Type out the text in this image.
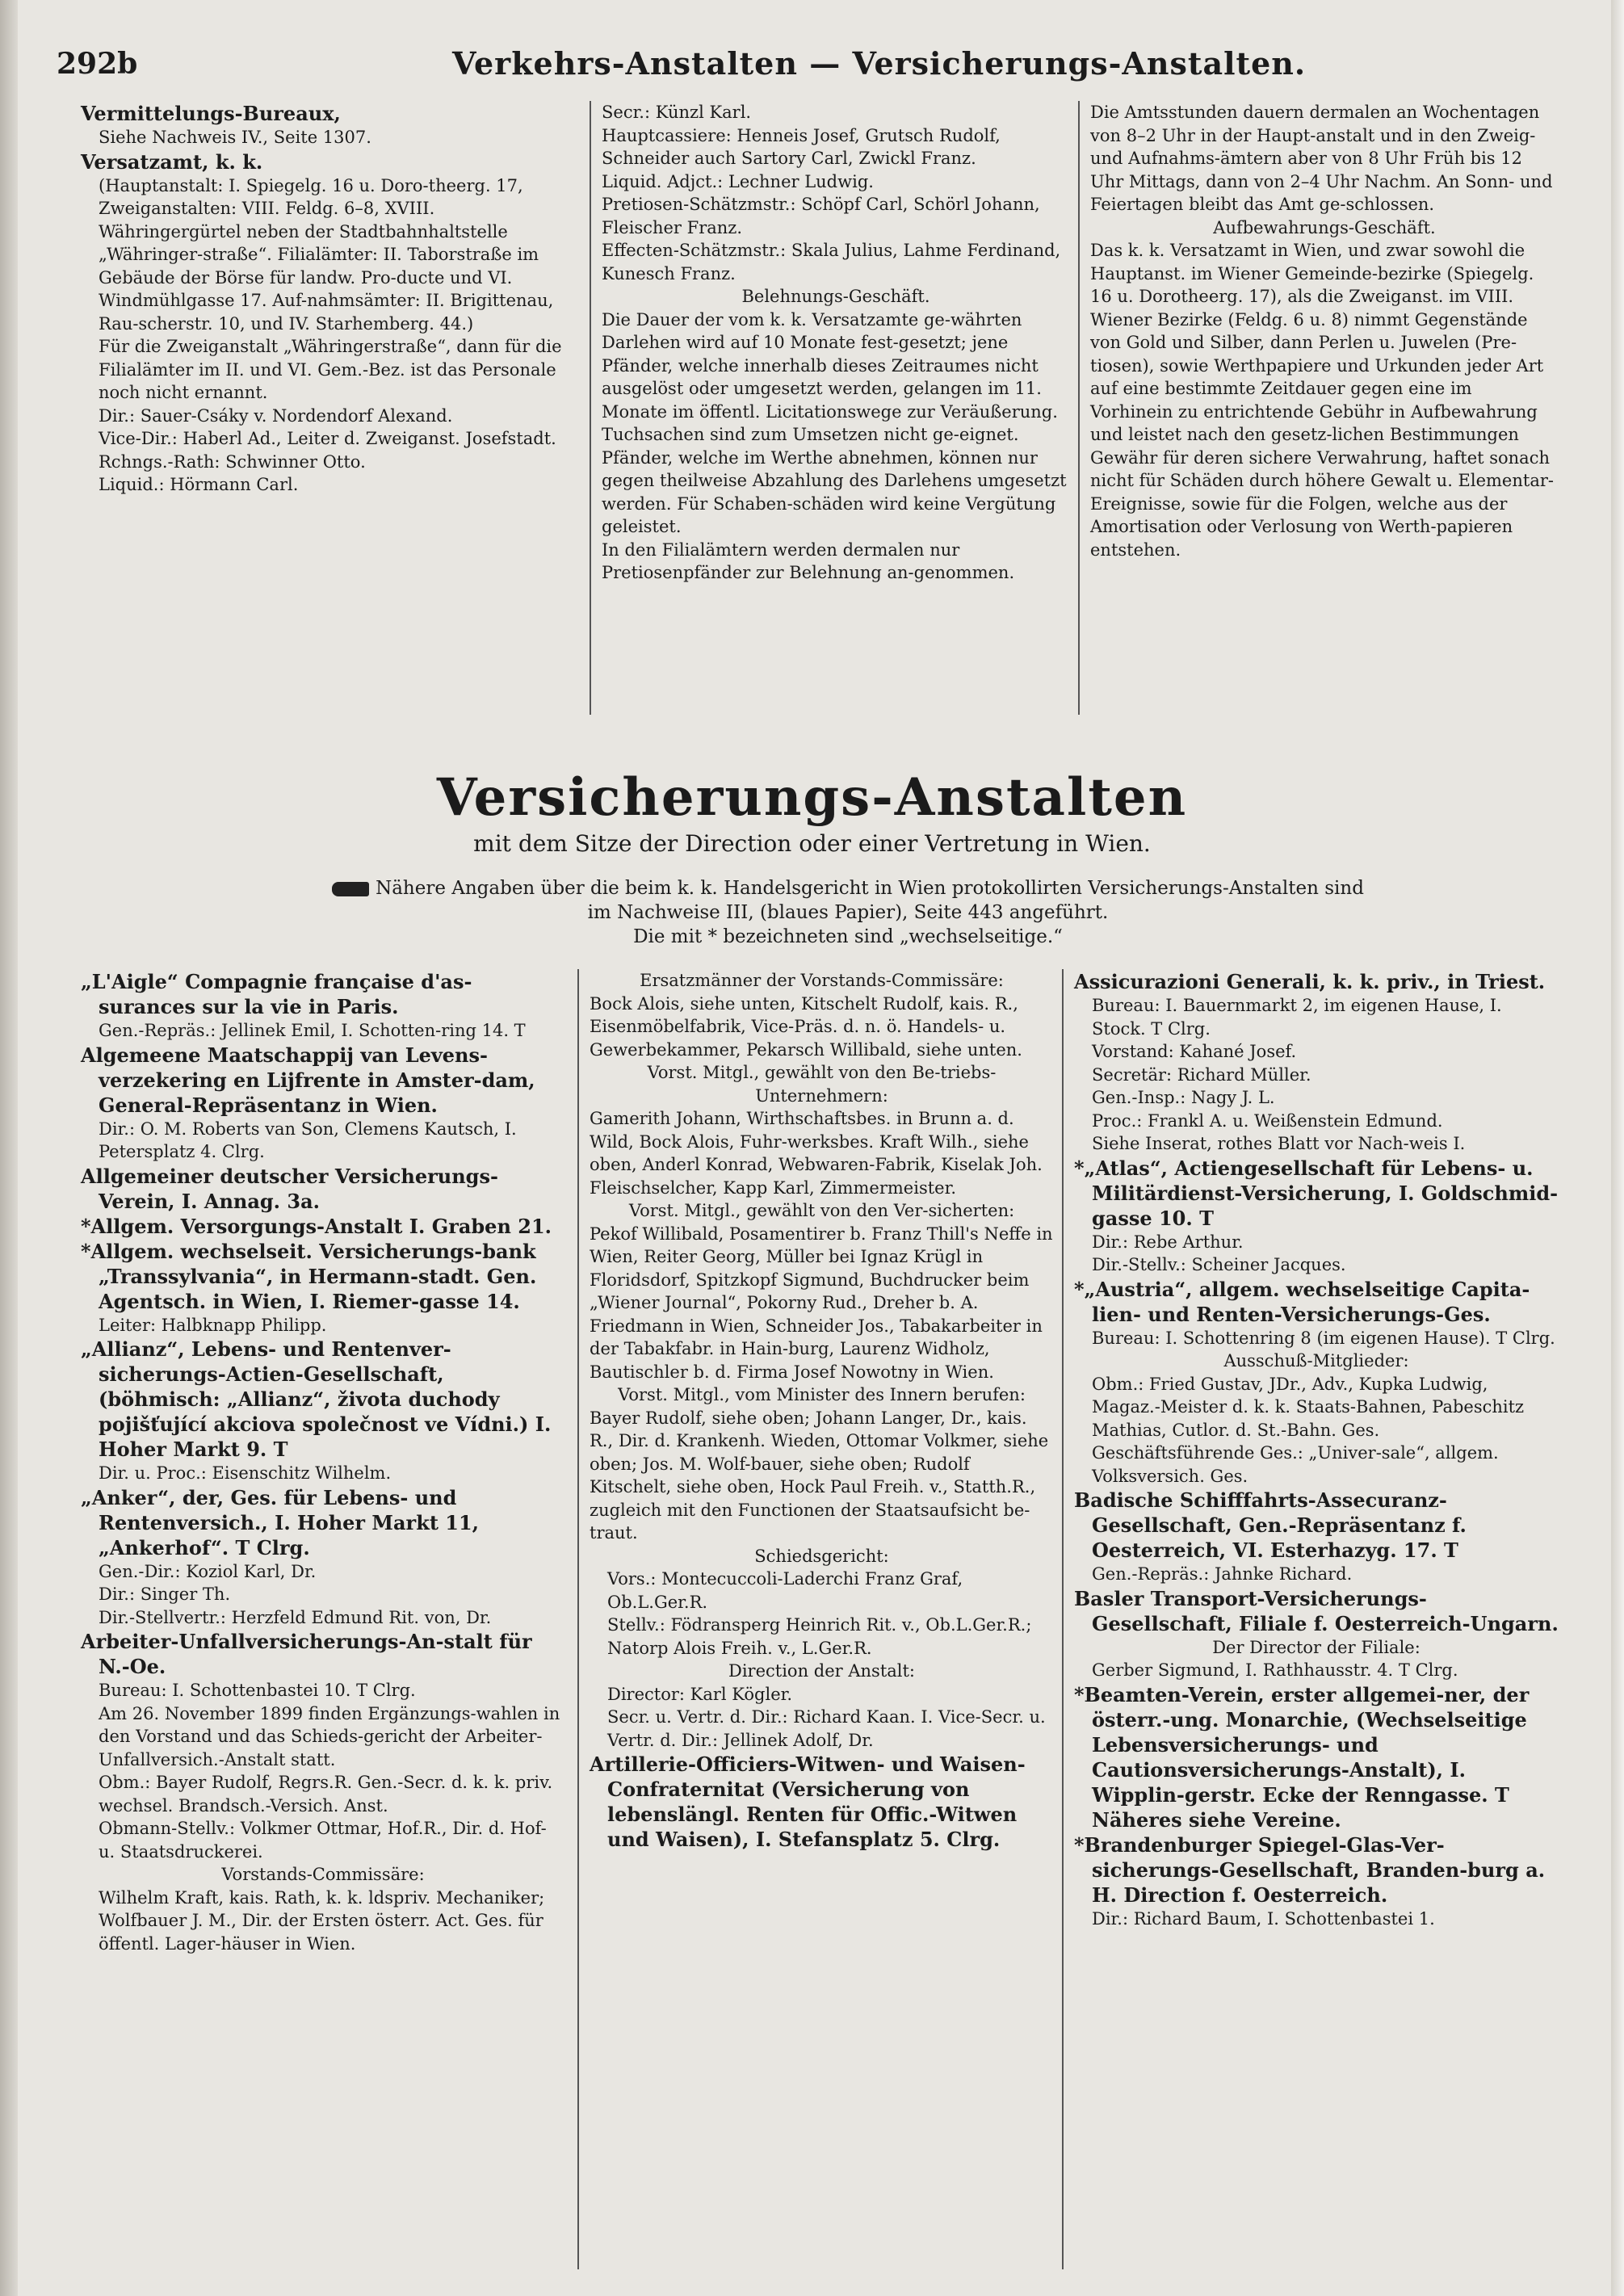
292b	Verkehrs-Anstalten — Versicherungs-Anstalten.

Vermittelungs-Bureaux,

Siehe Nachweis IV., Seite 1307.

Versatzamt, k. k.

(Hauptanstalt: I. Spiegelg. 16 u. Doro-theerg. 17, Zweiganstalten: VIII. Feldg. 6–8, XVIII. Währingergürtel neben der Stadtbahnhaltstelle „Währinger-straße“. Filialämter: II. Taborstraße im Gebäude der Börse für landw. Pro-ducte und VI. Windmühlgasse 17. Auf-nahmsämter: II. Brigittenau, Rau-scherstr. 10, und IV. Starhemberg. 44.)

Für die Zweiganstalt „Währingerstraße“, dann für die Filialämter im II. und VI. Gem.-Bez. ist das Personale noch nicht ernannt.

Dir.: Sauer-Csáky v. Nordendorf Alexand.

Vice-Dir.: Haberl Ad., Leiter d. Zweiganst. Josefstadt.

Rchngs.-Rath: Schwinner Otto.

Liquid.: Hörmann Carl.

Secr.: Künzl Karl.

Hauptcassiere: Henneis Josef, Grutsch Rudolf, Schneider auch Sartory Carl, Zwickl Franz.

Liquid. Adjct.: Lechner Ludwig.

Pretiosen-Schätzmstr.: Schöpf Carl, Schörl Johann, Fleischer Franz.

Effecten-Schätzmstr.: Skala Julius, Lahme Ferdinand, Kunesch Franz.

Belehnungs-Geschäft.

Die Dauer der vom k. k. Versatzamte ge-währten Darlehen wird auf 10 Monate fest-gesetzt; jene Pfänder, welche innerhalb dieses Zeitraumes nicht ausgelöst oder umgesetzt werden, gelangen im 11. Monate im öffentl. Licitationswege zur Veräußerung.

Tuchsachen sind zum Umsetzen nicht ge-eignet. Pfänder, welche im Werthe abnehmen, können nur gegen theilweise Abzahlung des Darlehens umgesetzt werden. Für Schaben-schäden wird keine Vergütung geleistet.

In den Filialämtern werden dermalen nur Pretiosenpfänder zur Belehnung an-genommen.

Die Amtsstunden dauern dermalen an Wochentagen von 8–2 Uhr in der Haupt-anstalt und in den Zweig- und Aufnahms-ämtern aber von 8 Uhr Früh bis 12 Uhr Mittags, dann von 2–4 Uhr Nachm. An Sonn- und Feiertagen bleibt das Amt ge-schlossen.

Aufbewahrungs-Geschäft.

Das k. k. Versatzamt in Wien, und zwar sowohl die Hauptanst. im Wiener Gemeinde-bezirke (Spiegelg. 16 u. Dorotheerg. 17), als die Zweiganst. im VIII. Wiener Bezirke (Feldg. 6 u. 8) nimmt Gegenstände von Gold und Silber, dann Perlen u. Juwelen (Pre-tiosen), sowie Werthpapiere und Urkunden jeder Art auf eine bestimmte Zeitdauer gegen eine im Vorhinein zu entrichtende Gebühr in Aufbewahrung und leistet nach den gesetz-lichen Bestimmungen Gewähr für deren sichere Verwahrung, haftet sonach nicht für Schäden durch höhere Gewalt u. Elementar-Ereignisse, sowie für die Folgen, welche aus der Amortisation oder Verlosung von Werth-papieren entstehen.

Versicherungs-Anstalten
mit dem Sitze der Direction oder einer Vertretung in Wien.
Nähere Angaben über die beim k. k. Handelsgericht in Wien protokollirten Versicherungs-Anstalten sind
im Nachweise III, (blaues Papier), Seite 443 angeführt.
Die mit * bezeichneten sind „wechselseitige.“

„L'Aigle“ Compagnie française d'as-surances sur la vie in Paris.

Gen.-Repräs.: Jellinek Emil, I. Schotten-ring 14. T

Algemeene Maatschappij van Levens-verzekering en Lijfrente in Amster-dam, General-Repräsentanz in Wien.

Dir.: O. M. Roberts van Son, Clemens Kautsch, I. Petersplatz 4. Clrg.

Allgemeiner deutscher Versicherungs-Verein, I. Annag. 3a.

*Allgem. Versorgungs-Anstalt I. Graben 21.

*Allgem. wechselseit. Versicherungs-bank „Transsylvania“, in Hermann-stadt. Gen. Agentsch. in Wien, I. Riemer-gasse 14.

Leiter: Halbknapp Philipp.

„Allianz“, Lebens- und Rentenver-sicherungs-Actien-Gesellschaft, (böhmisch: „Allianz“, života duchody pojišťující akciova společnost ve Vídni.) I. Hoher Markt 9. T

Dir. u. Proc.: Eisenschitz Wilhelm.

„Anker“, der, Ges. für Lebens- und Rentenversich., I. Hoher Markt 11, „Ankerhof“. T Clrg.

Gen.-Dir.: Koziol Karl, Dr.

Dir.: Singer Th.

Dir.-Stellvertr.: Herzfeld Edmund Rit. von, Dr.

Arbeiter-Unfallversicherungs-An-stalt für N.-Oe.

Bureau: I. Schottenbastei 10. T Clrg.

Am 26. November 1899 finden Ergänzungs-wahlen in den Vorstand und das Schieds-gericht der Arbeiter-Unfallversich.-Anstalt statt.

Obm.: Bayer Rudolf, Regrs.R. Gen.-Secr. d. k. k. priv. wechsel. Brandsch.-Versich. Anst.

Obmann-Stellv.: Volkmer Ottmar, Hof.R., Dir. d. Hof- u. Staatsdruckerei.

Vorstands-Commissäre:

Wilhelm Kraft, kais. Rath, k. k. ldspriv. Mechaniker; Wolfbauer J. M., Dir. der Ersten österr. Act. Ges. für öffentl. Lager-häuser in Wien.

Ersatzmänner der Vorstands-Commissäre:

Bock Alois, siehe unten, Kitschelt Rudolf, kais. R., Eisenmöbelfabrik, Vice-Präs. d. n. ö. Handels- u. Gewerbekammer, Pekarsch Willibald, siehe unten.

Vorst. Mitgl., gewählt von den Be-triebs-Unternehmern:

Gamerith Johann, Wirthschaftsbes. in Brunn a. d. Wild, Bock Alois, Fuhr-werksbes. Kraft Wilh., siehe oben, Anderl Konrad, Webwaren-Fabrik, Kiselak Joh. Fleischselcher, Kapp Karl, Zimmermeister.

Vorst. Mitgl., gewählt von den Ver-sicherten:

Pekof Willibald, Posamentirer b. Franz Thill's Neffe in Wien, Reiter Georg, Müller bei Ignaz Krügl in Floridsdorf, Spitzkopf Sigmund, Buchdrucker beim „Wiener Journal“, Pokorny Rud., Dreher b. A. Friedmann in Wien, Schneider Jos., Tabakarbeiter in der Tabakfabr. in Hain-burg, Laurenz Widholz, Bautischler b. d. Firma Josef Nowotny in Wien.

Vorst. Mitgl., vom Minister des Innern berufen:

Bayer Rudolf, siehe oben; Johann Langer, Dr., kais. R., Dir. d. Krankenh. Wieden, Ottomar Volkmer, siehe oben; Jos. M. Wolf-bauer, siehe oben; Rudolf Kitschelt, siehe oben, Hock Paul Freih. v., Statth.R., zugleich mit den Functionen der Staatsaufsicht be-traut.

Schiedsgericht:

Vors.: Montecuccoli-Laderchi Franz Graf, Ob.L.Ger.R.

Stellv.: Födransperg Heinrich Rit. v., Ob.L.Ger.R.; Natorp Alois Freih. v., L.Ger.R.

Direction der Anstalt:

Director: Karl Kögler.

Secr. u. Vertr. d. Dir.: Richard Kaan. I. Vice-Secr. u. Vertr. d. Dir.: Jellinek Adolf, Dr.

Artillerie-Officiers-Witwen- und Waisen-Confraternitat (Versicherung von lebenslängl. Renten für Offic.-Witwen und Waisen), I. Stefansplatz 5. Clrg.

Assicurazioni Generali, k. k. priv., in Triest.

Bureau: I. Bauernmarkt 2, im eigenen Hause, I. Stock. T Clrg.

Vorstand: Kahané Josef.

Secretär: Richard Müller.

Gen.-Insp.: Nagy J. L.

Proc.: Frankl A. u. Weißenstein Edmund.

Siehe Inserat, rothes Blatt vor Nach-weis I.

*„Atlas“, Actiengesellschaft für Lebens- u. Militärdienst-Versicherung, I. Goldschmid-gasse 10. T

Dir.: Rebe Arthur.

Dir.-Stellv.: Scheiner Jacques.

*„Austria“, allgem. wechselseitige Capita-lien- und Renten-Versicherungs-Ges.

Bureau: I. Schottenring 8 (im eigenen Hause). T Clrg.

Ausschuß-Mitglieder:

Obm.: Fried Gustav, JDr., Adv., Kupka Ludwig, Magaz.-Meister d. k. k. Staats-Bahnen, Pabeschitz Mathias, Cutlor. d. St.-Bahn. Ges.

Geschäftsführende Ges.: „Univer-sale“, allgem. Volksversich. Ges.

Badische Schifffahrts-Assecuranz-Gesellschaft, Gen.-Repräsentanz f. Oesterreich, VI. Esterhazyg. 17. T

Gen.-Repräs.: Jahnke Richard.

Basler Transport-Versicherungs-Gesellschaft, Filiale f. Oesterreich-Ungarn.

Der Director der Filiale:

Gerber Sigmund, I. Rathhausstr. 4. T Clrg.

*Beamten-Verein, erster allgemei-ner, der österr.-ung. Monarchie, (Wechselseitige Lebensversicherungs- und Cautionsversicherungs-Anstalt), I. Wipplin-gerstr. Ecke der Renngasse. T Näheres siehe Vereine.

*Brandenburger Spiegel-Glas-Ver-sicherungs-Gesellschaft, Branden-burg a. H. Direction f. Oesterreich.

Dir.: Richard Baum, I. Schottenbastei 1.
